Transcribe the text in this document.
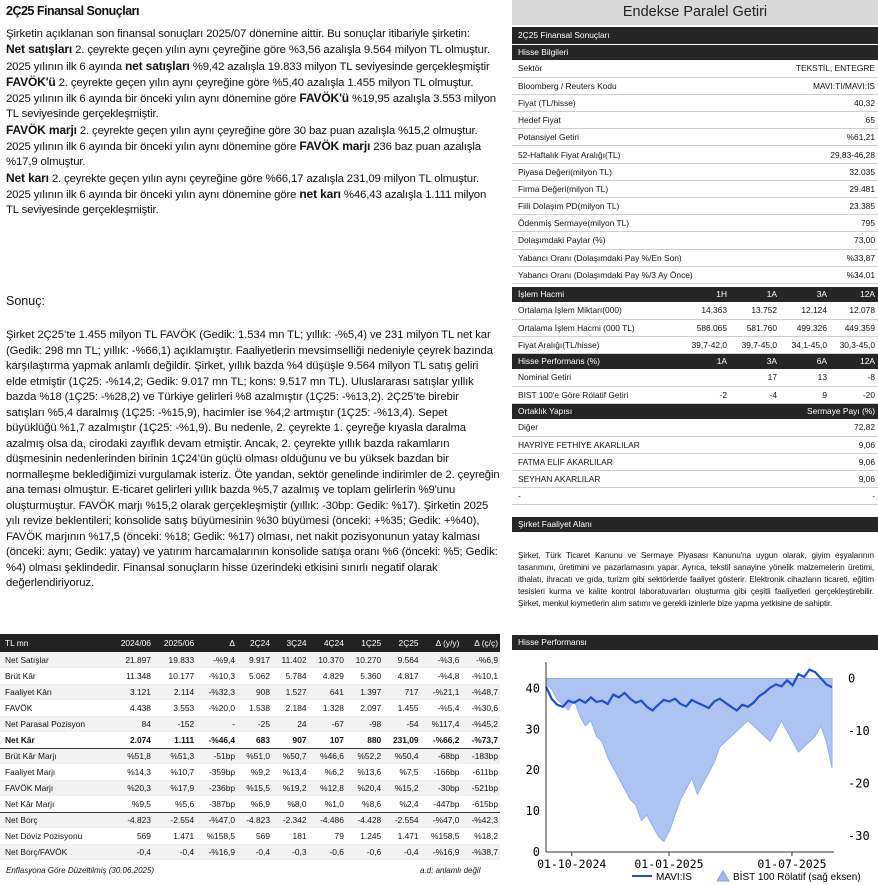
2Ç25 Finansal Sonuçları
Şirketin açıklanan son finansal sonuçları 2025/07 dönemine aittir. Bu sonuçlar itibariyle şirketin:
Net satışları 2. çeyrekte geçen yılın aynı çeyreğine göre %3,56 azalışla 9.564 milyon TL olmuştur. 2025 yılının ilk 6 ayında net satışları %9,42 azalışla 19.833 milyon TL seviyesinde gerçekleşmiştir
FAVÖK'ü 2. çeyrekte geçen yılın aynı çeyreğine göre %5,40 azalışla 1.455 milyon TL olmuştur. 2025 yılının ilk 6 ayında bir önceki yılın aynı dönemine göre FAVÖK'ü %19,95 azalışla 3.553 milyon TL seviyesinde gerçekleşmiştir.
FAVÖK marjı 2. çeyrekte geçen yılın aynı çeyreğine göre 30 baz puan azalışla %15,2 olmuştur. 2025 yılının ilk 6 ayında bir önceki yılın aynı dönemine göre FAVÖK marjı 236 baz puan azalışla %17,9 olmuştur.
Net karı 2. çeyrekte geçen yılın aynı çeyreğine göre %66,17 azalışla 231,09 milyon TL olmuştur. 2025 yılının ilk 6 ayında bir önceki yılın aynı dönemine göre net karı %46,43 azalışla 1.111 milyon TL seviyesinde gerçekleşmiştir.
Sonuç:
Şirket 2Ç25’te 1.455 milyon TL FAVÖK (Gedik: 1.534 mn TL; yıllık: -%5,4) ve 231 milyon TL net kar (Gedik: 298 mn TL; yıllık: -%66,1) açıklamıştır. Faaliyetlerin mevsimselliği nedeniyle çeyrek bazında karşılaştırma yapmak anlamlı değildir. Şirket, yıllık bazda %4 düşüşle 9.564 milyon TL satış geliri elde etmiştir (1Ç25: -%14,2; Gedik: 9.017 mn TL; kons: 9.517 mn TL). Uluslararası satışlar yıllık bazda %18 (1Ç25: -%28,2) ve Türkiye gelirleri %8 azalmıştır (1Ç25: -%13,2). 2Ç25’te birebir satışları %5,4 daralmış (1Ç25: -%15,9), hacimler ise %4,2 artmıştır (1Ç25: -%13,4). Sepet büyüklüğü %1,7 azalmıştır (1Ç25: -%1,9). Bu nedenle, 2. çeyrekte 1. çeyreğe kıyasla daralma azalmış olsa da, cirodaki zayıflık devam etmiştir. Ancak, 2. çeyrekte yıllık bazda rakamların düşmesinin nedenlerinden birinin 1Ç24’ün güçlü olması olduğunu ve bu yüksek bazdan bir normalleşme beklediğimizi vurgulamak isteriz. Öte yandan, sektör genelinde indirimler de 2. çeyreğin ana teması olmuştur. E-ticaret gelirleri yıllık bazda %5,7 azalmış ve toplam gelirlerin %9'unu oluşturmuştur. FAVÖK marjı %15,2 olarak gerçekleşmiştir (yıllık: -30bp: Gedik: %17). Şirketin 2025 yılı revize beklentileri; konsolide satış büyümesinin %30 büyümesi (önceki: +%35; Gedik: +%40), FAVÖK marjının %17,5 (önceki: %18; Gedik: %17) olması, net nakit pozisyonunun yatay kalması (önceki: aynı; Gedik: yatay) ve yatırım harcamalarının konsolide satışa oranı %6 (önceki: %5; Gedik: %4) olması şeklindedir. Finansal sonuçların hisse üzerindeki etkisini sınırlı negatif olarak değerlendiriyoruz.
TL mn	2024/06	2025/06	Δ	2Ç24	3Ç24	4Ç24	1Ç25	2Ç25	Δ (y/y)	Δ (ç/ç)
Net Satışlar	21.897	19.833	-%9,4	9.917	11.402	10.370	10.270	9.564	-%3,6	-%6,9
Brüt Kâr	11.348	10.177	-%10,3	5.062	5.784	4.829	5.360	4.817	-%4,8	-%10,1
Faaliyet Kârı	3.121	2.114	-%32,3	908	1.527	641	1.397	717	-%21,1	-%48,7
FAVÖK	4.438	3.553	-%20,0	1.538	2.184	1.328	2.097	1.455	-%5,4	-%30,6
Net Parasal Pozisyon	84	-152	-	-25	24	-67	-98	-54	%117,4	-%45,2
Net Kâr	2.074	1.111	-%46,4	683	907	107	880	231,09	-%66,2	-%73,7
Brüt Kâr Marjı	%51,8	%51,3	-51bp	%51,0	%50,7	%46,6	%52,2	%50,4	-68bp	-183bp
Faaliyet Marjı	%14,3	%10,7	-359bp	%9,2	%13,4	%6,2	%13,6	%7,5	-166bp	-611bp
FAVÖK Marjı	%20,3	%17,9	-236bp	%15,5	%19,2	%12,8	%20,4	%15,2	-30bp	-521bp
Net Kâr Marjı	%9,5	%5,6	-387bp	%6,9	%8,0	%1,0	%8,6	%2,4	-447bp	-615bp
Net Borç	-4.823	-2.554	-%47,0	-4.823	-2.342	-4.486	-4.428	-2.554	-%47,0	-%42,3
Net Döviz Pozisyonu	569	1.471	%158,5	569	181	79	1.245	1.471	%158,5	%18,2
Net Borç/FAVÖK	-0,4	-0,4	-%16,9	-0,4	-0,3	-0,6	-0,6	-0,4	-%16,9	-%38,7
Enflasyona Göre Düzeltilmiş (30.06.2025)	a.d: anlamlı değil
Endekse Paralel Getiri
2Ç25 Finansal Sonuçları
Hisse Bilgileri
Sektör	TEKSTİL, ENTEGRE
Bloomberg / Reuters Kodu	MAVI:TI/MAVI:IS
Fiyat (TL/hisse)	40,32
Hedef Fiyat	65
Potansiyel Getiri	%61,21
52-Haftalık Fiyat Aralığı(TL)	29,83-46,28
Piyasa Değeri(milyon TL)	32.035
Firma Değeri(milyon TL)	29.481
Fiili Dolaşım PD(milyon TL)	23.385
Ödenmiş Sermaye(milyon TL)	795
Dolaşımdaki Paylar (%)	73,00
Yabancı Oranı (Dolaşımdaki Pay %/En Son)	%33,87
Yabancı Oranı (Dolaşımdaki Pay %/3 Ay Önce)	%34,01
İşlem Hacmi	1H	1A	3A	12A
Ortalama İşlem Miktarı(000)	14.363	13.752	12.124	12.078
Ortalama İşlem Hacmi (000 TL)	586.065	581.760	499.326	449.359
Fiyat Aralığı(TL/hisse)	39,7-42,0	39,7-45,0	34,1-45,0	30,3-45,0
Hisse Performans (%)	1A	3A	6A	12A
Nominal Getiri		17	13	-8
BIST 100'e Göre Rölatif Getiri	-2	-4	9	-20
Ortaklık Yapısı	Sermaye Payı (%)
Diğer	72,82
HAYRİYE FETHİYE AKARLILAR	9,06
FATMA ELİF AKARLILAR	9,06
SEYHAN AKARLILAR	9,06
-	-
Şirket Faaliyet Alanı
Şirket, Türk Ticaret Kanunu ve Sermaye Piyasası Kanunu'na uygun olarak, giyim eşyalarının tasarımını, üretimini ve pazarlamasını yapar. Ayrıca, tekstil sanayine yönelik malzemelerin üretimi, ithalatı, ihracatı ve gıda, turizm gibi sektörlerde faaliyet gösterir. Elektronik cihazların ticareti, eğitim tesisleri kurma ve kalite kontrol laboratuvarları oluşturma gibi çeşitli faaliyetleri gerçekleştirebilir. Şirket, menkul kıymetlerin alım satımı ve gerekli izinlerle bize yapma yetkisine de sahiptir.
Hisse Performansı
0
10
20
30
40
0
-10
-20
-30
01-10-2024 01-01-2025	01-07-2025
MAVI:IS	BİST 100 Rölatif (sağ eksen)
